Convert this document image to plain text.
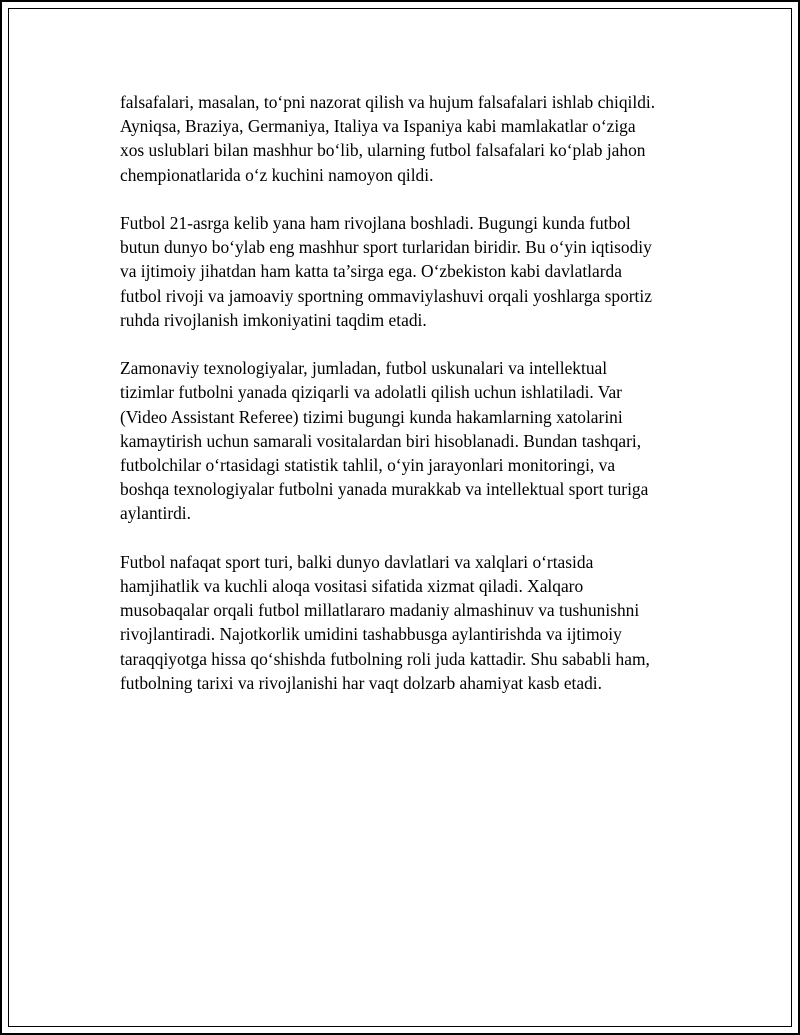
falsafalari, masalan, to‘pni nazorat qilish va hujum falsafalari ishlab chiqildi.
Ayniqsa, Braziya, Germaniya, Italiya va Ispaniya kabi mamlakatlar o‘ziga
xos uslublari bilan mashhur bo‘lib, ularning futbol falsafalari ko‘plab jahon
chempionatlarida o‘z kuchini namoyon qildi.

Futbol 21-asrga kelib yana ham rivojlana boshladi. Bugungi kunda futbol
butun dunyo bo‘ylab eng mashhur sport turlaridan biridir. Bu o‘yin iqtisodiy
va ijtimoiy jihatdan ham katta ta’sirga ega. O‘zbekiston kabi davlatlarda
futbol rivoji va jamoaviy sportning ommaviylashuvi orqali yoshlarga sportiz
ruhda rivojlanish imkoniyatini taqdim etadi.

Zamonaviy texnologiyalar, jumladan, futbol uskunalari va intellektual
tizimlar futbolni yanada qiziqarli va adolatli qilish uchun ishlatiladi. Var
(Video Assistant Referee) tizimi bugungi kunda hakamlarning xatolarini
kamaytirish uchun samarali vositalardan biri hisoblanadi. Bundan tashqari,
futbolchilar o‘rtasidagi statistik tahlil, o‘yin jarayonlari monitoringi, va
boshqa texnologiyalar futbolni yanada murakkab va intellektual sport turiga
aylantirdi.

Futbol nafaqat sport turi, balki dunyo davlatlari va xalqlari o‘rtasida
hamjihatlik va kuchli aloqa vositasi sifatida xizmat qiladi. Xalqaro
musobaqalar orqali futbol millatlararo madaniy almashinuv va tushunishni
rivojlantiradi. Najotkorlik umidini tashabbusga aylantirishda va ijtimoiy
taraqqiyotga hissa qo‘shishda futbolning roli juda kattadir. Shu sababli ham,
futbolning tarixi va rivojlanishi har vaqt dolzarb ahamiyat kasb etadi.
